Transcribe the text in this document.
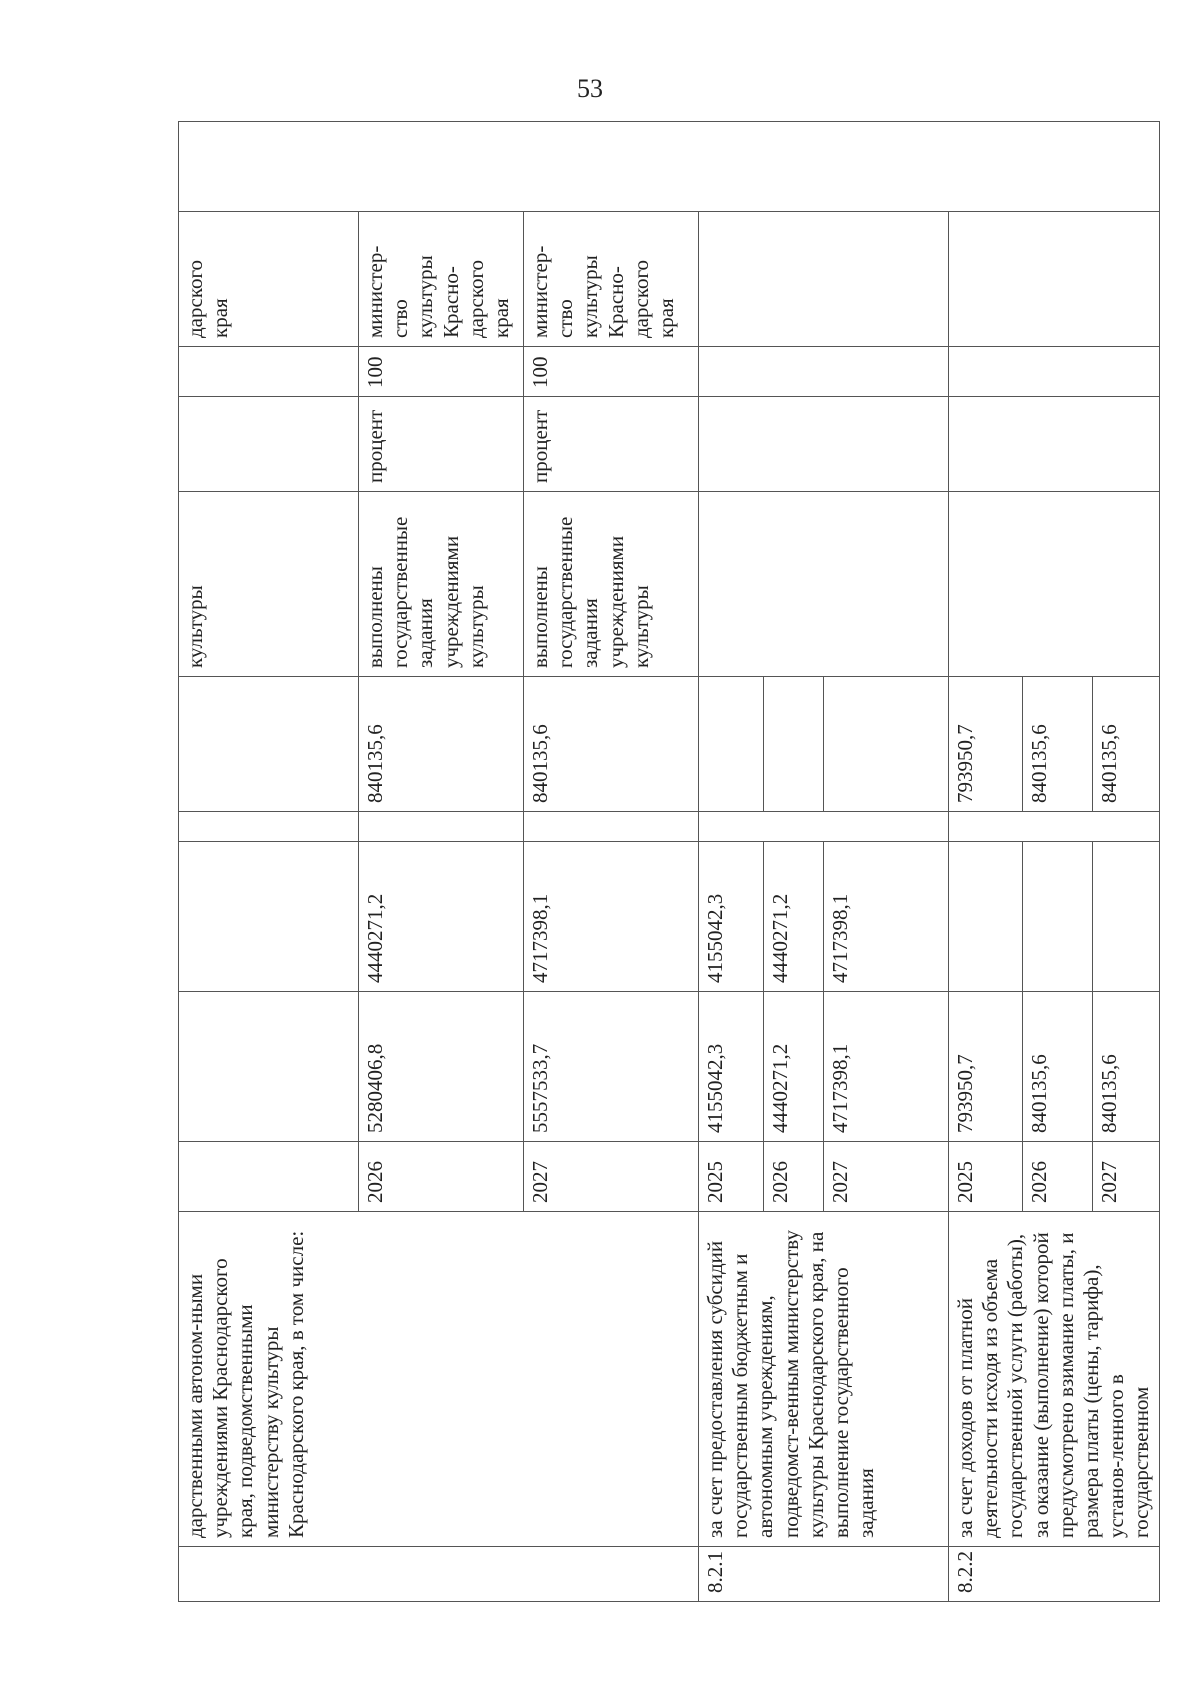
53
	дарственными автоном-ными учреждениями Краснодарского края, подведомственными министерству культуры Краснодарского края, в том числе:						культуры			дарского края	
		2026	5280406,8	4440271,2		840135,6	выполнены государственные задания учреждениями культуры	процент	100	министер-ство культуры Красно-дарского края	
		2027	5557533,7	4717398,1		840135,6	выполнены государственные задания учреждениями культуры	процент	100	министер-ство культуры Красно-дарского края	
8.2.1	за счет предоставления субсидий государственным бюджетным и автономным учреждениям, подведомст-венным министерству культуры Краснодарского края, на выполнение государственного задания	2025	4155042,3	4155042,3							
		2026	4440271,2	4440271,2							
		2027	4717398,1	4717398,1							
8.2.2	за счет доходов от платной деятельности исходя из объема государственной услуги (работы), за оказание (выполнение) которой предусмотрено взимание платы, и размера платы (цены, тарифа), установ-ленного в государственном	2025	793950,7			793950,7					
		2026	840135,6			840135,6					
		2027	840135,6			840135,6					
